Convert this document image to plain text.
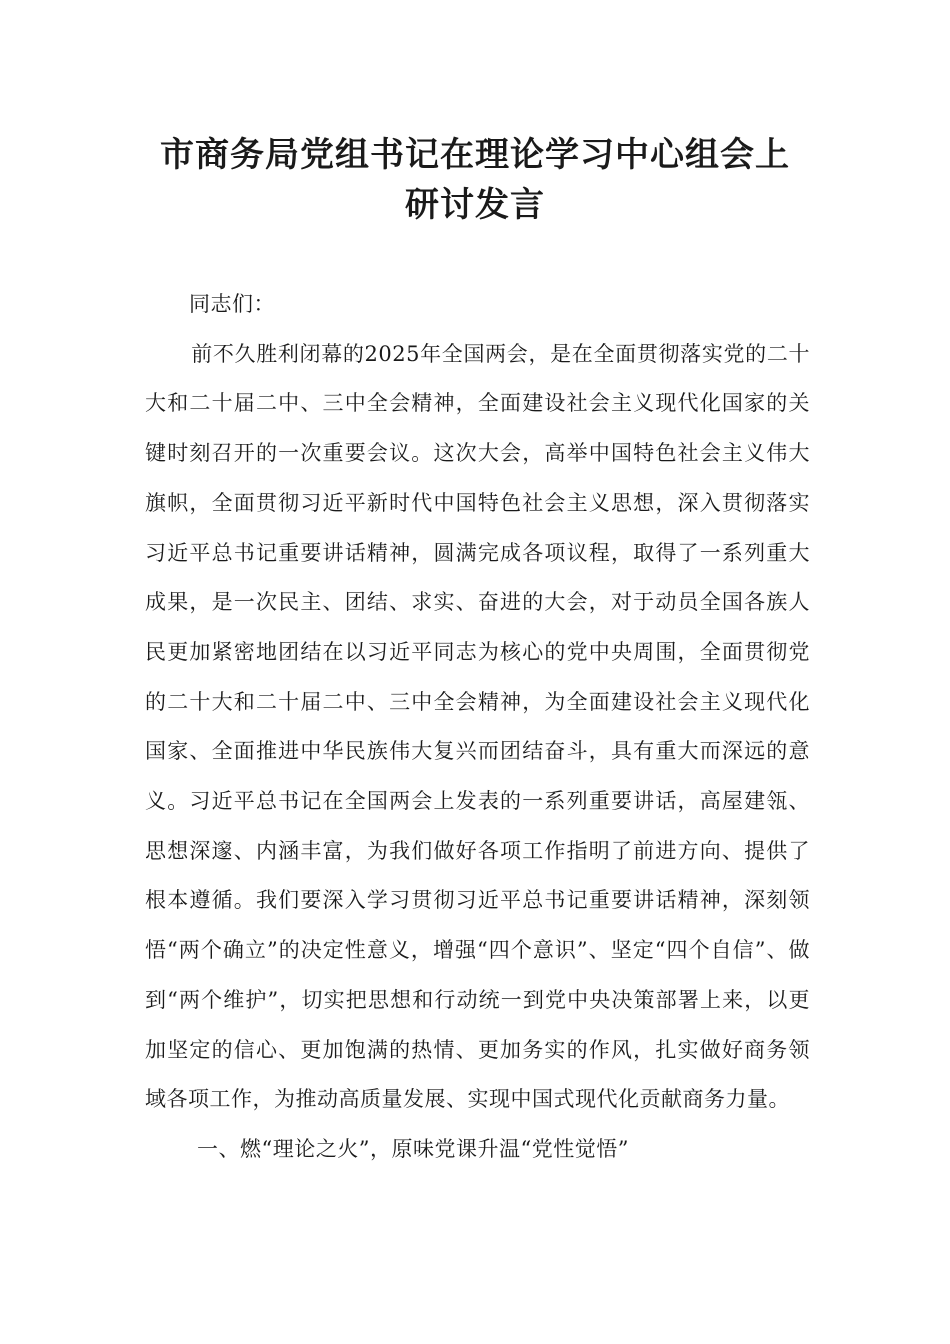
市商务局党组书记在理论学习中心组会上
研讨发言

同志们：

前不久胜利闭幕的2025年全国两会，是在全面贯彻落实党的二十大和二十届二中、三中全会精神，全面建设社会主义现代化国家的关键时刻召开的一次重要会议。这次大会，高举中国特色社会主义伟大旗帜，全面贯彻习近平新时代中国特色社会主义思想，深入贯彻落实习近平总书记重要讲话精神，圆满完成各项议程，取得了一系列重大成果，是一次民主、团结、求实、奋进的大会，对于动员全国各族人民更加紧密地团结在以习近平同志为核心的党中央周围，全面贯彻党的二十大和二十届二中、三中全会精神，为全面建设社会主义现代化国家、全面推进中华民族伟大复兴而团结奋斗，具有重大而深远的意义。习近平总书记在全国两会上发表的一系列重要讲话，高屋建瓴、思想深邃、内涵丰富，为我们做好各项工作指明了前进方向、提供了根本遵循。我们要深入学习贯彻习近平总书记重要讲话精神，深刻领悟“两个确立”的决定性意义，增强“四个意识”、坚定“四个自信”、做到“两个维护”，切实把思想和行动统一到党中央决策部署上来，以更加坚定的信心、更加饱满的热情、更加务实的作风，扎实做好商务领域各项工作，为推动高质量发展、实现中国式现代化贡献商务力量。

一、燃“理论之火”，原味党课升温“党性觉悟”
